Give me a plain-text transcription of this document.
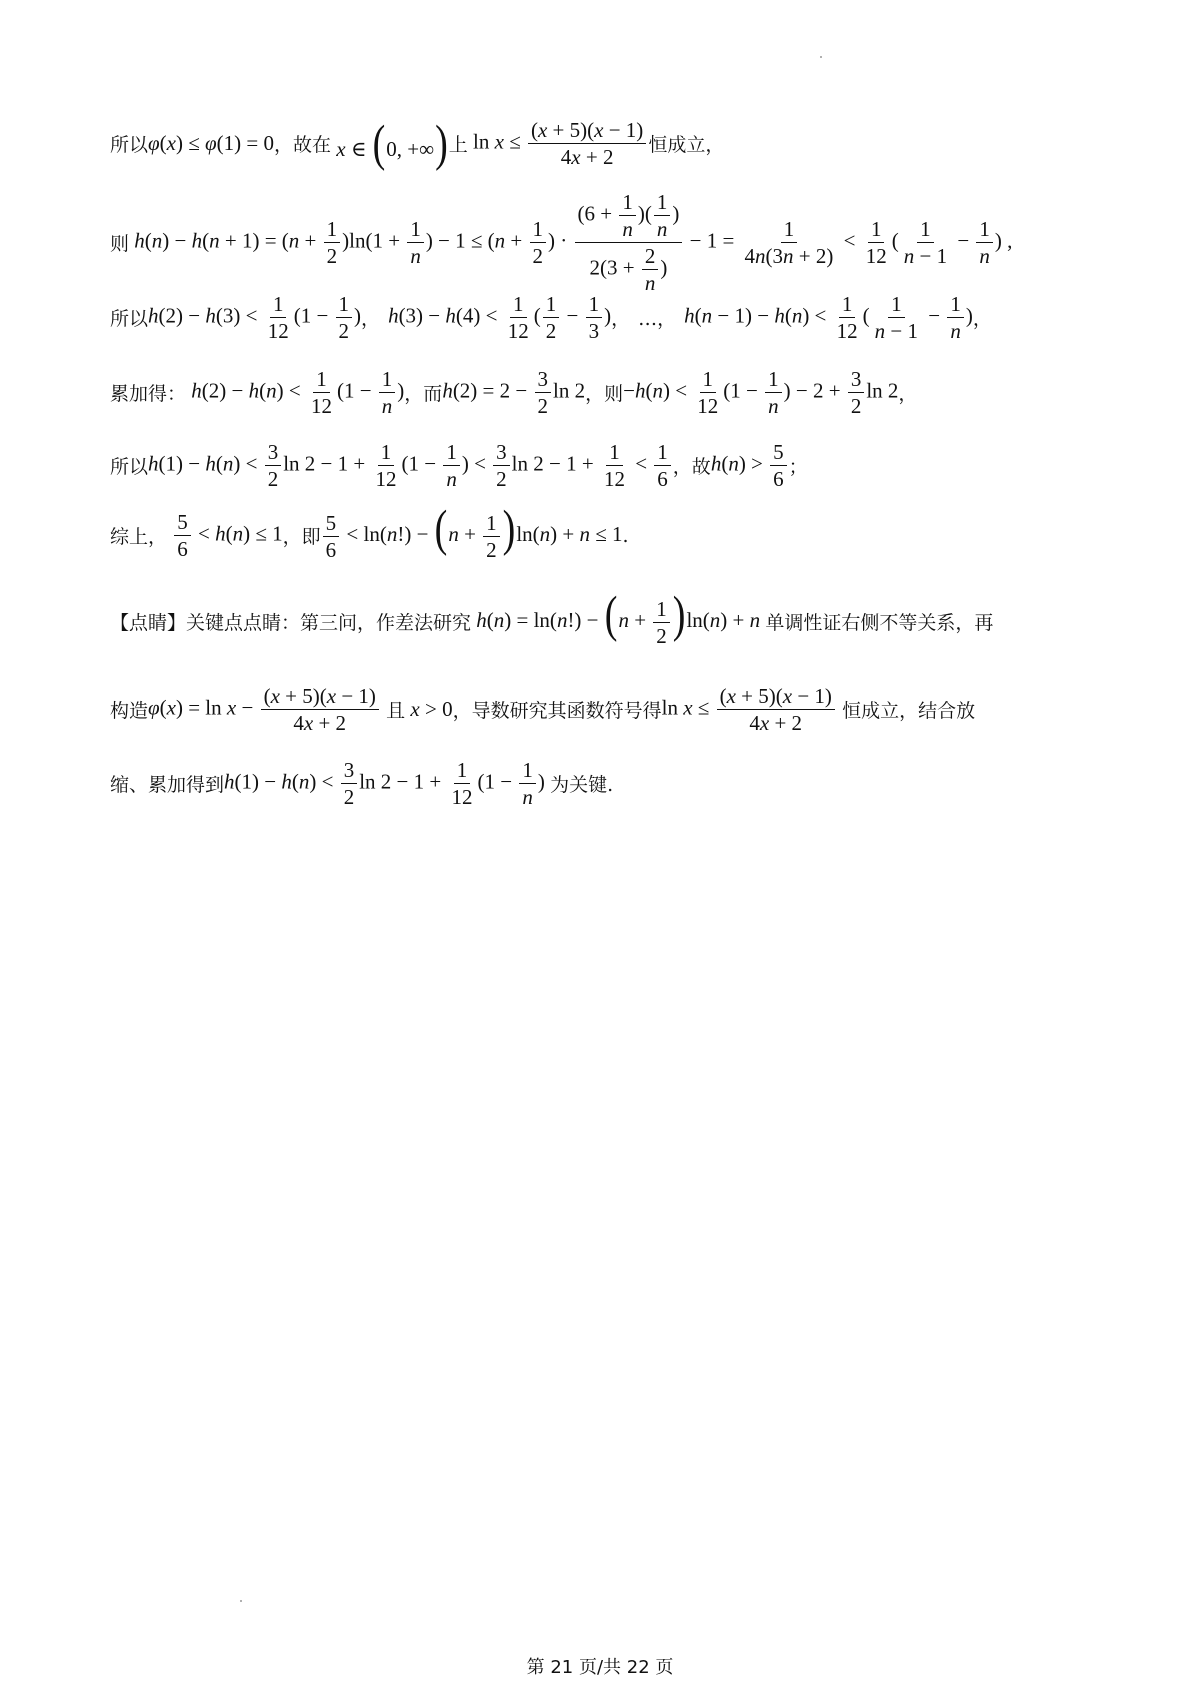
所以 φ(x) ≤ φ(1) = 0 ，故在 x ∈ (0, +∞) 上 $\ln x \le \frac{(x + 5)(x - 1)}{4x + 2}$ 恒成立，
则 $h(n) - h(n + 1) = (n + \frac{1}{2} )\ln(1 + \frac{1}{n}$ ) − $1 \le (n + \frac{1}{2}$ ) · $\frac{(6 + \frac{1}{n} )( \frac{1}{n} )}{2(3 + \frac{2}{n} )} - 1 = \frac{1}{4n(3n + 2)} < \frac{1}{12}$ ( $\frac{1}{n - 1} - \frac{1}{n}$ ) ,
所以 $h(2) - h(3) < \frac{1}{12} (1 - \frac{1}{2}$ ) ， $h(3) - h(4) < \frac{1}{12}$ ( $\frac{1}{2} - \frac{1}{3}$ ) ， …， $h(n - 1) - h(n) < \frac{1}{12}$ ( $\frac{1}{n - 1} - \frac{1}{n}$ ) ，
累加得： $h(2) - h(n) < \frac{1}{12} (1 - \frac{1}{n}$ ) ，而 $h(2) = 2 - \frac{3}{2}$ ln 2 ，则 $-h(n) < \frac{1}{12} (1 - \frac{1}{n}$ ) − $2 + \frac{3}{2}$ ln 2 ，
所以 $h(1) - h(n) < \frac{3}{2}$ $\ln 2 - 1 + \frac{1}{12} (1 - \frac{1}{n}$ ) < $\frac{3}{2}$ $\ln 2 - 1 + \frac{1}{12} < \frac{1}{6}$ ，故 $h(n) > \frac{5}{6}$ ；
综上，
$\frac{5}{6} < h(n) \le 1$ ，即 $\frac{5}{6} < \ln(n!) - (n + \frac{1}{2} )\ln(n) + n \le 1$ .
【点睛】关键点点睛：第三问，作差法研究 $h(n) = \ln(n!) - (n + \frac{1}{2} )\ln(n) + n$ 单调性证右侧不等关系，再
构造 $\varphi(x) = \ln x - \frac{(x + 5)(x - 1)}{4x + 2}$
且 x > 0 ，导数研究其函数符号得 $\ln x \le \frac{(x + 5)(x - 1)}{4x + 2}$
恒成立，结合放
缩、累加得到 $h(1) - h(n) < \frac{3}{2}$ $\ln 2 - 1 + \frac{1}{12} (1 - \frac{1}{n}$ ) 为关键.
第 21 页/共 22 页
